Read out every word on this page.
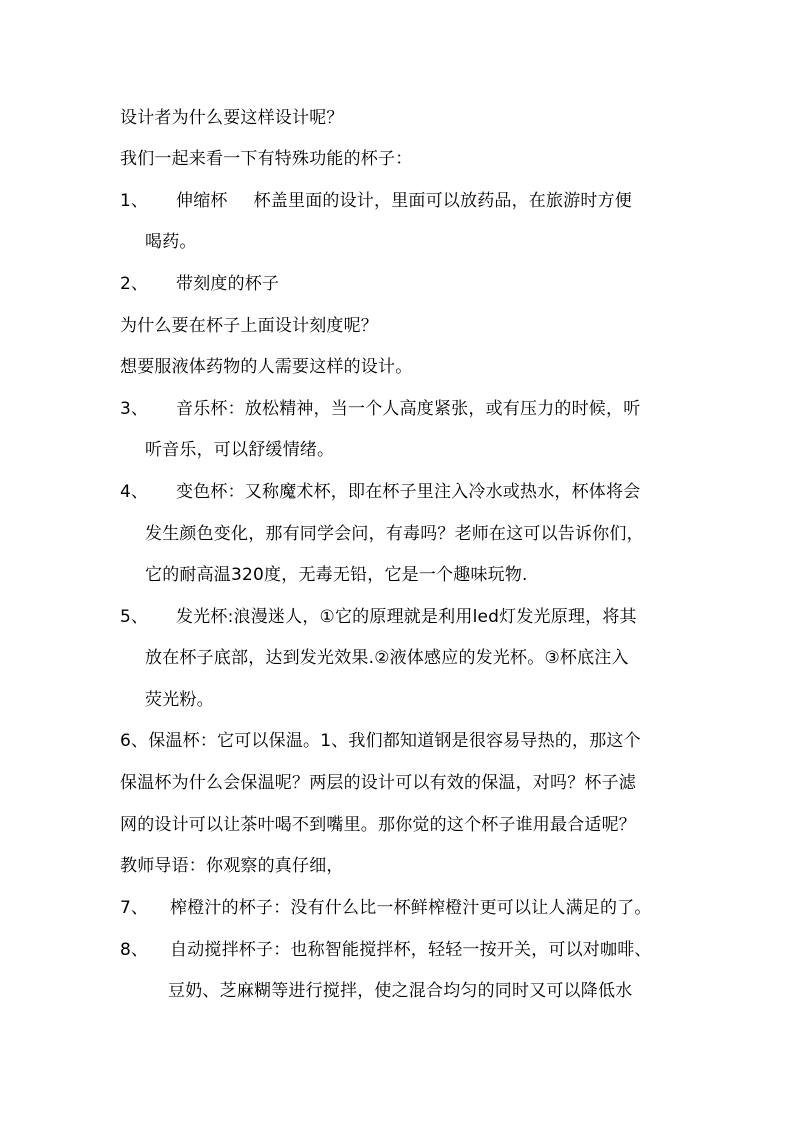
设计者为什么要这样设计呢？
我们一起来看一下有特殊功能的杯子：
1、 伸缩杯 杯盖里面的设计，里面可以放药品，在旅游时方便
喝药。
2、 带刻度的杯子
为什么要在杯子上面设计刻度呢？
想要服液体药物的人需要这样的设计。
3、 音乐杯：放松精神，当一个人高度紧张，或有压力的时候，听
听音乐，可以舒缓情绪。
4、 变色杯：又称魔术杯，即在杯子里注入冷水或热水，杯体将会
发生颜色变化，那有同学会问，有毒吗？老师在这可以告诉你们，
它的耐高温320度，无毒无铅，它是一个趣味玩物.
5、 发光杯:浪漫迷人，①它的原理就是利用led灯发光原理，将其
放在杯子底部，达到发光效果.②液体感应的发光杯。③杯底注入
荧光粉。
6、保温杯：它可以保温。1、我们都知道钢是很容易导热的，那这个
保温杯为什么会保温呢？两层的设计可以有效的保温，对吗？杯子滤
网的设计可以让茶叶喝不到嘴里。那你觉的这个杯子谁用最合适呢？
教师导语：你观察的真仔细，
7、 榨橙汁的杯子：没有什么比一杯鲜榨橙汁更可以让人满足的了。
8、 自动搅拌杯子：也称智能搅拌杯，轻轻一按开关，可以对咖啡、
豆奶、芝麻糊等进行搅拌，使之混合均匀的同时又可以降低水
